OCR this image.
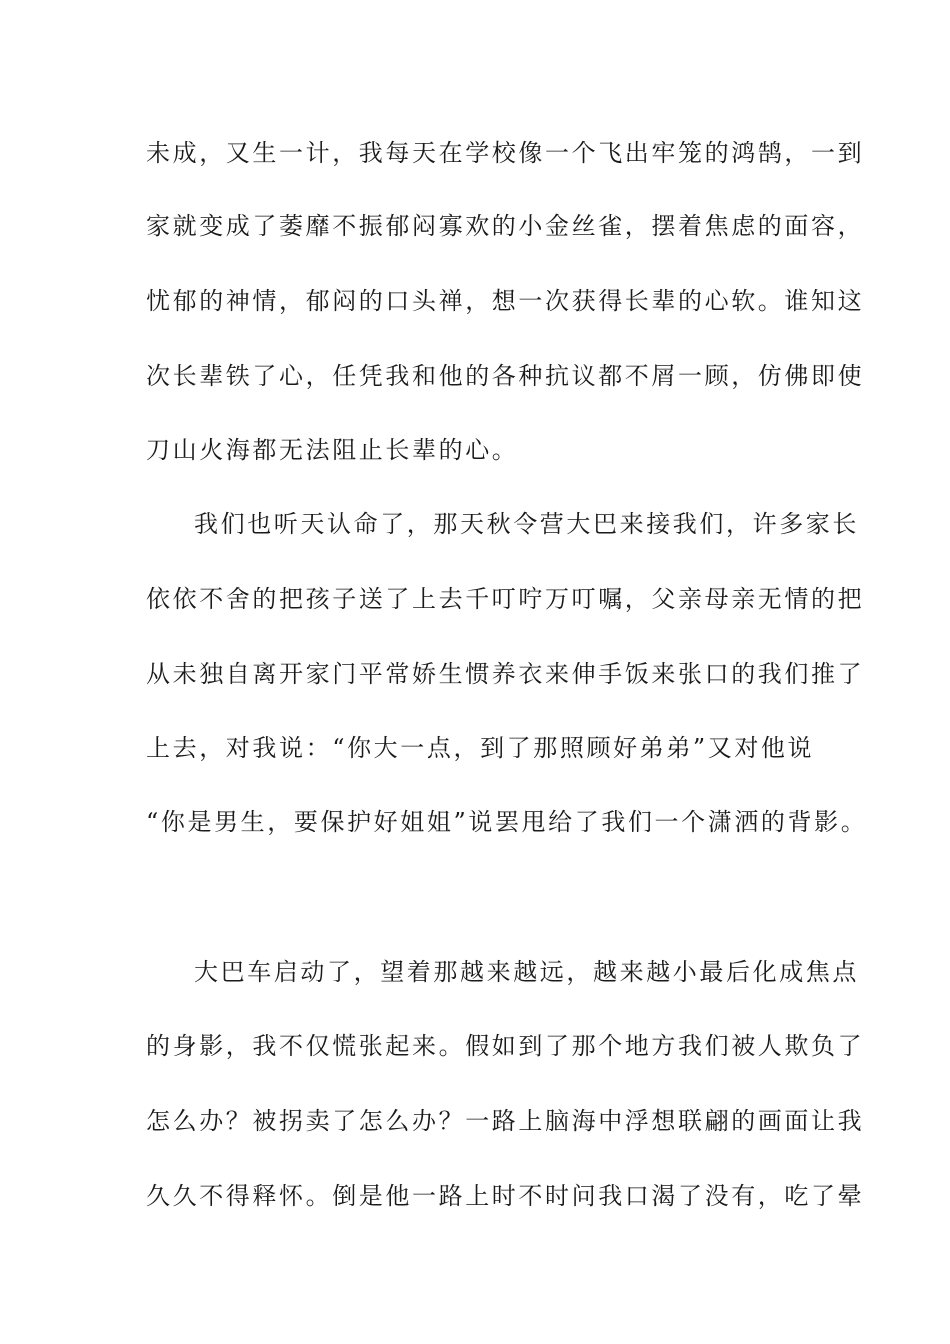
未成，又生一计，我每天在学校像一个飞出牢笼的鸿鹄，一到
家就变成了萎靡不振郁闷寡欢的小金丝雀，摆着焦虑的面容，
忧郁的神情，郁闷的口头禅，想一次获得长辈的心软。谁知这
次长辈铁了心，任凭我和他的各种抗议都不屑一顾，仿佛即使
刀山火海都无法阻止长辈的心。
我们也听天认命了，那天秋令营大巴来接我们，许多家长
依依不舍的把孩子送了上去千叮咛万叮嘱，父亲母亲无情的把
从未独自离开家门平常娇生惯养衣来伸手饭来张口的我们推了
上去，对我说：“你大一点，到了那照顾好弟弟”又对他说
“你是男生，要保护好姐姐”说罢甩给了我们一个潇洒的背影。
大巴车启动了，望着那越来越远，越来越小最后化成焦点
的身影，我不仅慌张起来。假如到了那个地方我们被人欺负了
怎么办？被拐卖了怎么办？一路上脑海中浮想联翩的画面让我
久久不得释怀。倒是他一路上时不时问我口渴了没有，吃了晕
